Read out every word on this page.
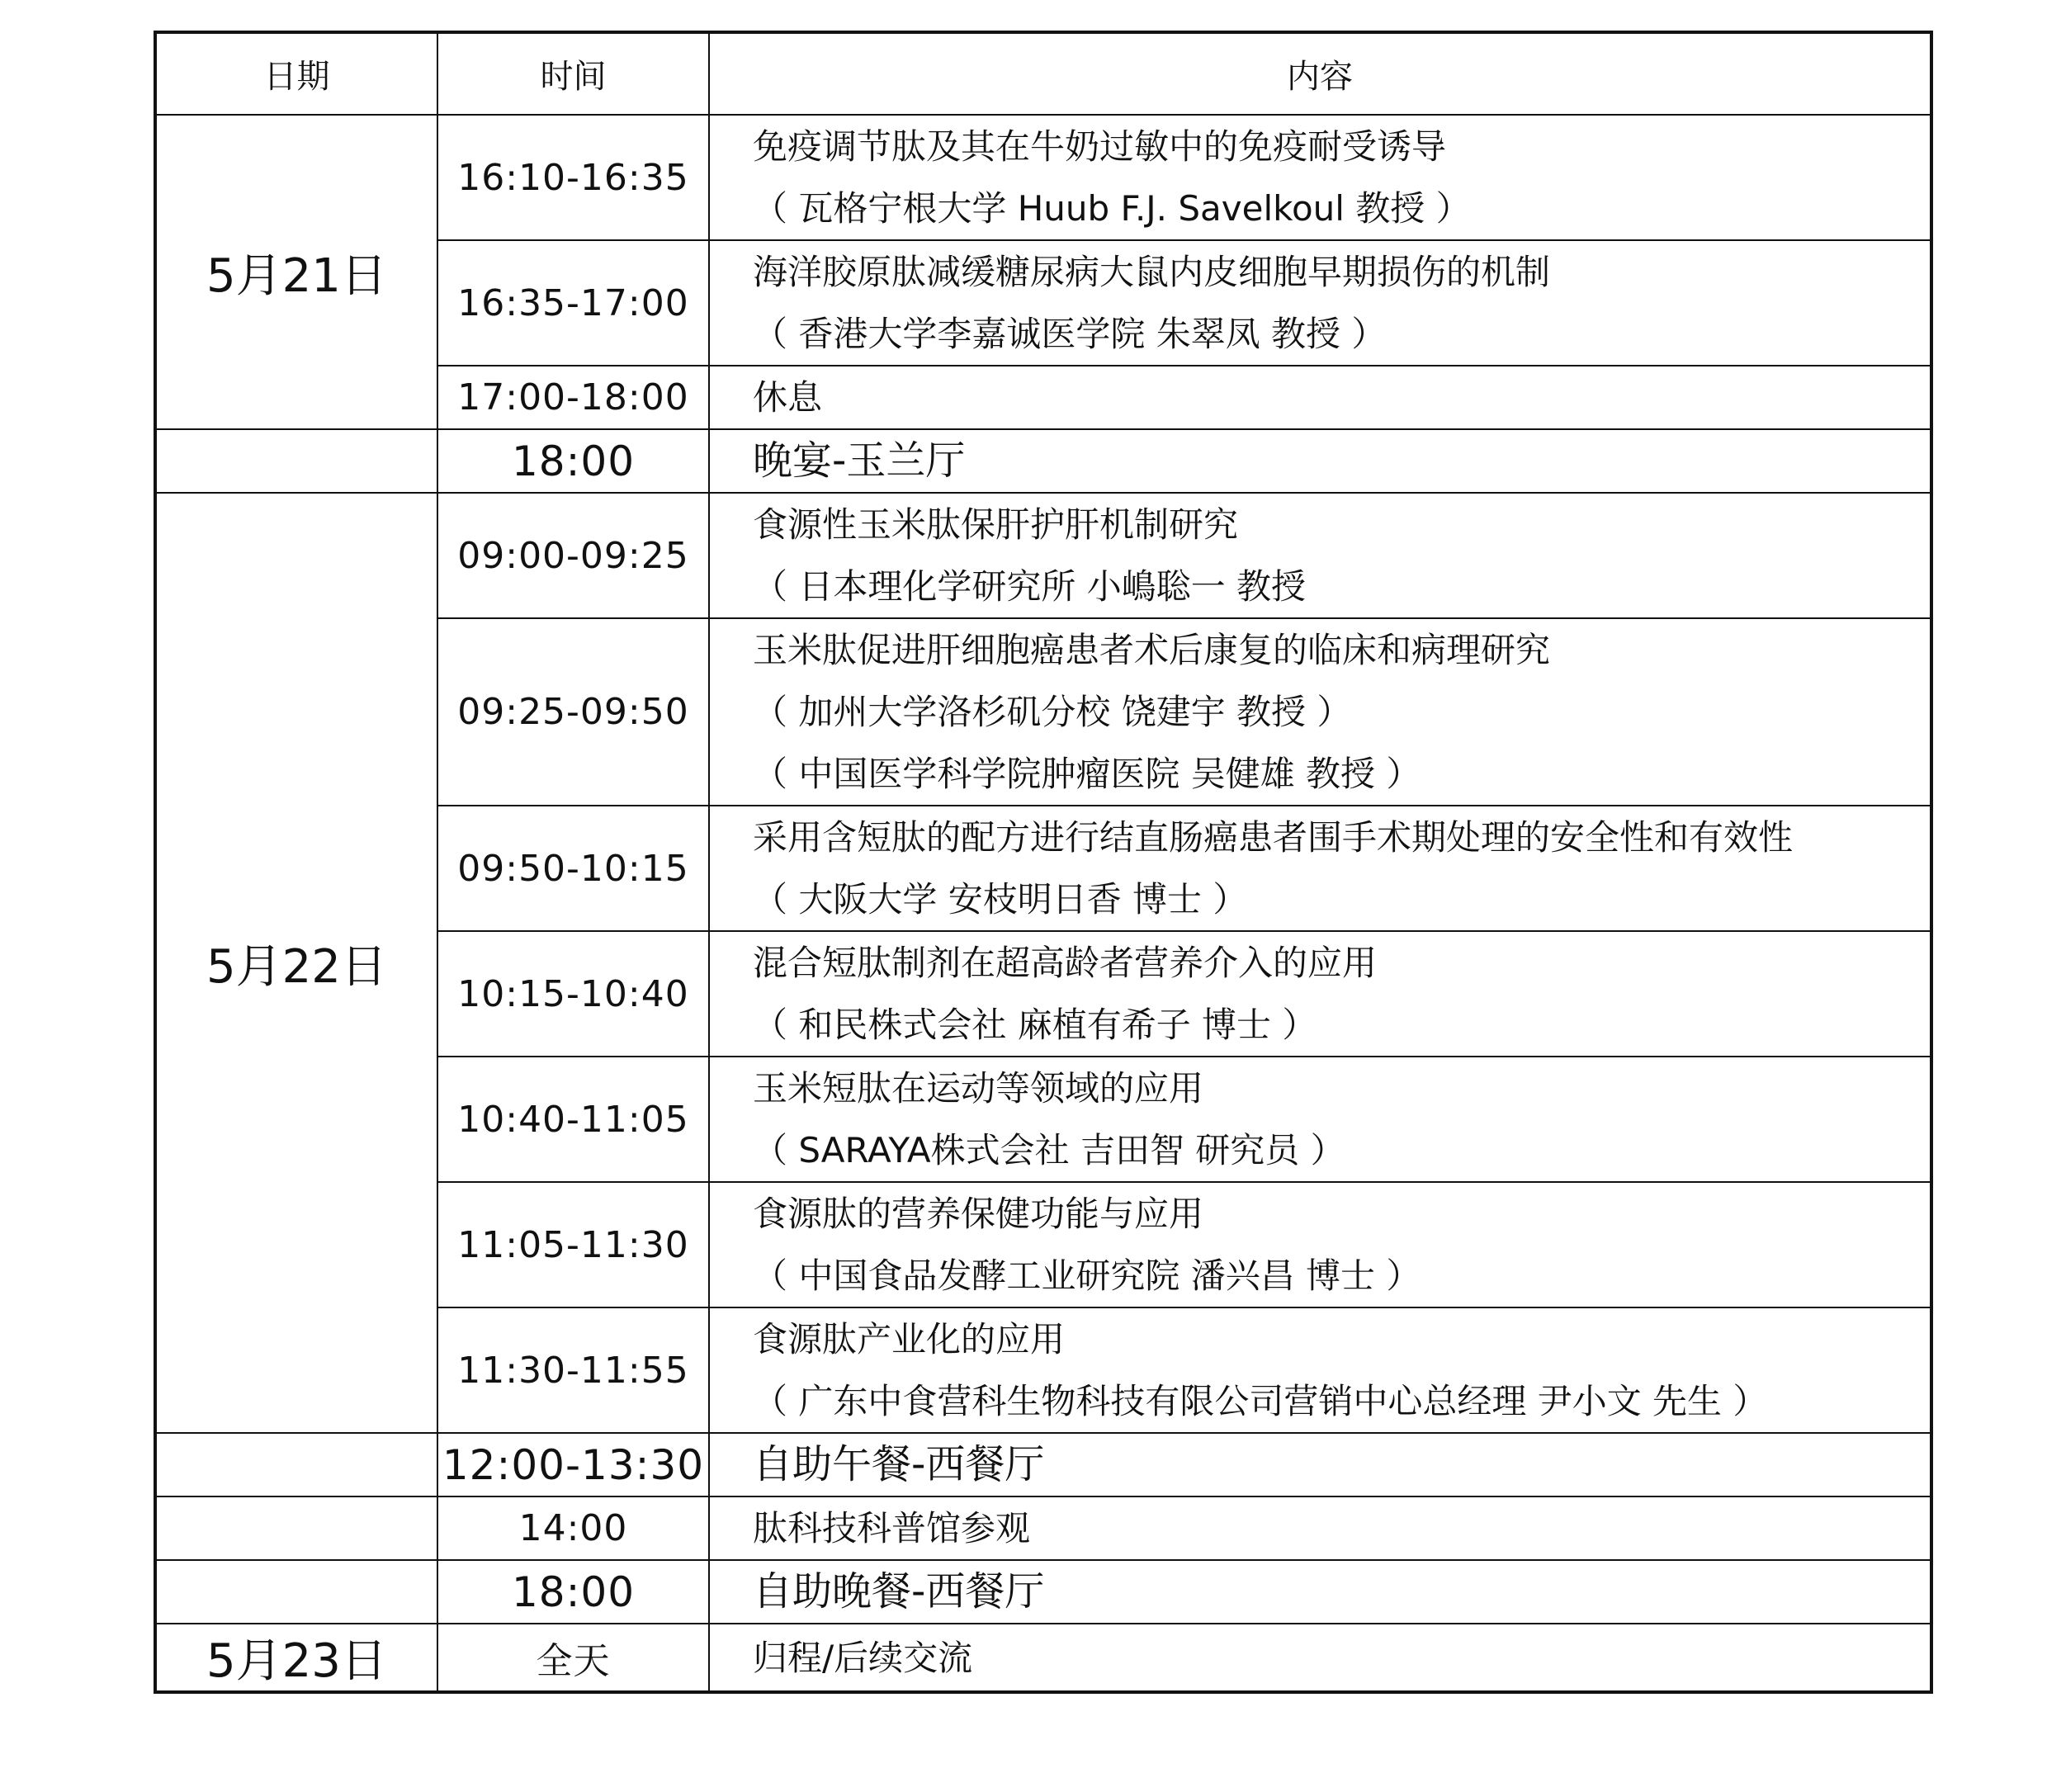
日期	时间	内容
5月21日	16:10-16:35	免疫调节肽及其在牛奶过敏中的免疫耐受诱导
（ 瓦格宁根大学 Huub F.J. Savelkoul 教授 ）

	16:35-17:00	海洋胶原肽减缓糖尿病大鼠内皮细胞早期损伤的机制
（ 香港大学李嘉诚医学院 朱翠凤 教授 ）

	17:00-18:00	休息

	18:00	晚宴-玉兰厅

5月22日	09:00-09:25	食源性玉米肽保肝护肝机制研究
（ 日本理化学研究所 小嶋聡一 教授

	09:25-09:50	玉米肽促进肝细胞癌患者术后康复的临床和病理研究
（ 加州大学洛杉矶分校 饶建宇 教授 ）
（ 中国医学科学院肿瘤医院 吴健雄 教授 ）

	09:50-10:15	采用含短肽的配方进行结直肠癌患者围手术期处理的安全性和有效性
（ 大阪大学 安枝明日香 博士 ）

	10:15-10:40	混合短肽制剂在超高龄者营养介入的应用
（ 和民株式会社 麻植有希子 博士 ）

	10:40-11:05	玉米短肽在运动等领域的应用
（ SARAYA株式会社 吉田智 研究员 ）

	11:05-11:30	食源肽的营养保健功能与应用
（ 中国食品发酵工业研究院 潘兴昌 博士 ）

	11:30-11:55	食源肽产业化的应用
（ 广东中食营科生物科技有限公司营销中心总经理 尹小文 先生 ）

	12:00-13:30	自助午餐-西餐厅

	14:00	肽科技科普馆参观

	18:00	自助晚餐-西餐厅

5月23日	全天	归程/后续交流
